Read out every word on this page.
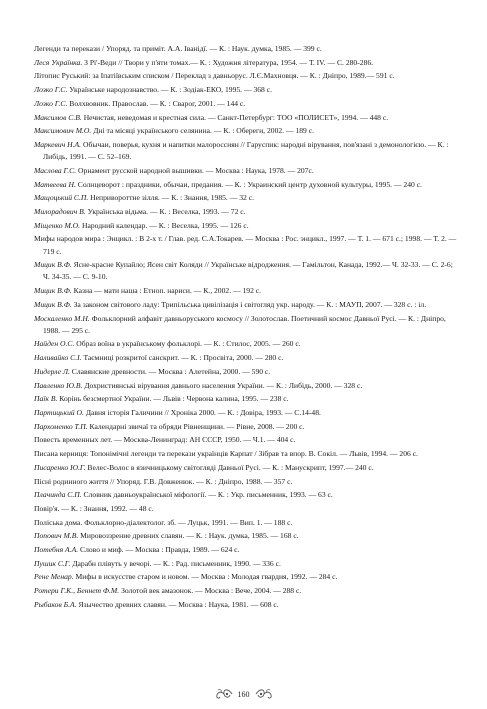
Легенди та перекази / Упоряд. та приміт. А.А. Іванідї. — К. : Наук. думка, 1985. — 399 с.
Леся Українка. З Рі'-Веди // Твори у п'яти томах.— К. : Художня література, 1954. — Т. IV. — С. 280-286.
Літопис Руський: за Іпатіївським списком / Переклад з давньорус. Л.Є.Махновця. — К. : Дніпро, 1989.— 591 с.
Лозко Г.С. Українське народознавство. — К. : Зодіак-ЕКО, 1995. — 368 с.
Лозко Г.С. Волхвовник. Православ. — К. : Сварог, 2001. — 144 с.
Максимов С.В. Нечистая, неведомая и крестная сила. — Санкт-Петербург: ТОО «ПОЛИСЕТ», 1994. — 448 с.
Максимович М.О. Дні та місяці українського селянина. — К. : Обереги, 2002. — 189 с.
Маркевич Н.А. Обычаи, поверья, кухня и напитки малороссиян // Гаруспик: народні вірування, пов'язані з демонологією. — К. : Либідь, 1991. — С. 52–169.
Маслова Г.С. Орнамент русской народной вышивки. — Москва : Наука, 1978. — 207с.
Матвеева Н. Солнцеворот : праздники, обычаи, предания. — К. : Украинский центр духовной культуры, 1995. — 240 с.
Мащоцький С.П. Непривороттне зілля. — К. : Знання, 1985. — 32 с.
Милорадович В. Українська відьма. — К. : Веселка, 1993. — 72 с.
Міщенко М.О. Народний календар. — К. : Веселка, 1995. — 126 с.
Мифы народов мира : Энцикл. : В 2-х т. / Глав. ред. С.А.Токарев. — Москва : Рос. энцикл., 1997. — Т. 1. — 671 с.; 1998. — Т. 2. — 719 с.
Мицик В.Ф. Ясне-красне Купайло; Ясен світ Коляди // Українське відродження. — Гамільтон, Канада, 1992.— Ч. 32-33. — С. 2-6; Ч. 34-35. — С. 9-10.
Мицик В.Ф. Казна — мати наша : Етноп. нариси. — К., 2002. — 192 с.
Мицик В.Ф. За законом світового ладу: Трипільська цивілізація і світогляд укр. народу. — К. : МАУП, 2007. — 328 с. : іл.
Москаленко М.Н. Фольклорний алфавіт давньоруського космосу // Золотослав. Поетичний космос Давньої Русі. — К. : Дніпро, 1988. — 295 с.
Найден О.С. Образ воїна в українському фольклорі. — К. : Стилос, 2005. — 260 с.
Наливайко С.І. Таємниці розкритої санскрит. — К. : Просвіта, 2000. — 280 с.
Нидерле Л. Славянские древности. — Москва : Алетейна, 2000. — 590 с.
Павленко Ю.В. Дохристиянські вірування давнього населення України. — К. : Либідь, 2000. — 328 с.
Паїк В. Корінь безсмертної України. — Львів : Червона калина, 1995. — 238 с.
Партицький О. Давня історія Галичини // Хроніка 2000. — К. : Довіра, 1993. — С.14-48.
Пархоменко Т.П. Календарні звичаї та обряди Рівненщини. — Рівне, 2008. — 200 с.
Повесть временных лет. — Москва-Ленинград: АН СССР, 1950. — Ч.1. — 404 с.
Писана керниця: Топонімічні легенди та перекази українців Карпат / Зібрав та впор. В. Сокіл. — Львів, 1994. — 206 с.
Писаренко Ю.Г. Велес-Волос в язичницькому світогляді Давньої Русі. — К. : Манускрипт, 1997.— 240 с.
Пісні родинного життя // Упоряд. Г.В. Довженюк. — К. : Дніпро, 1988. — 357 с.
Плачинда С.П. Словник давньоукраїнської міфології. — К. : Укр. письменник, 1993. — 63 с.
Повір'я. — К. : Знання, 1992. — 48 с.
Поліська дома. Фольклорно-діалектолог. зб. — Луцьк, 1991. — Вип. 1. — 188 с.
Попович М.В. Мировоззрение древних славян. — К. : Наук. думка, 1985. — 168 с.
Потебня А.А. Слово и миф. — Москва : Правда, 1989. — 624 с.
Пушик С.Г. Дарабн плівуть у вечорі. — К. : Рад. письменник, 1990. — 336 с.
Рене Менар. Мифы в искусстве старом и новом. — Москва : Молодая гвардия, 1992. — 284 с.
Ротери Г.К., Беннет Ф.М. Золотой век амазонок. — Москва : Вече, 2004. — 288 с.
Рыбаков Б.А. Язычество древних славян. — Москва : Наука, 1981. — 608 с.
160
